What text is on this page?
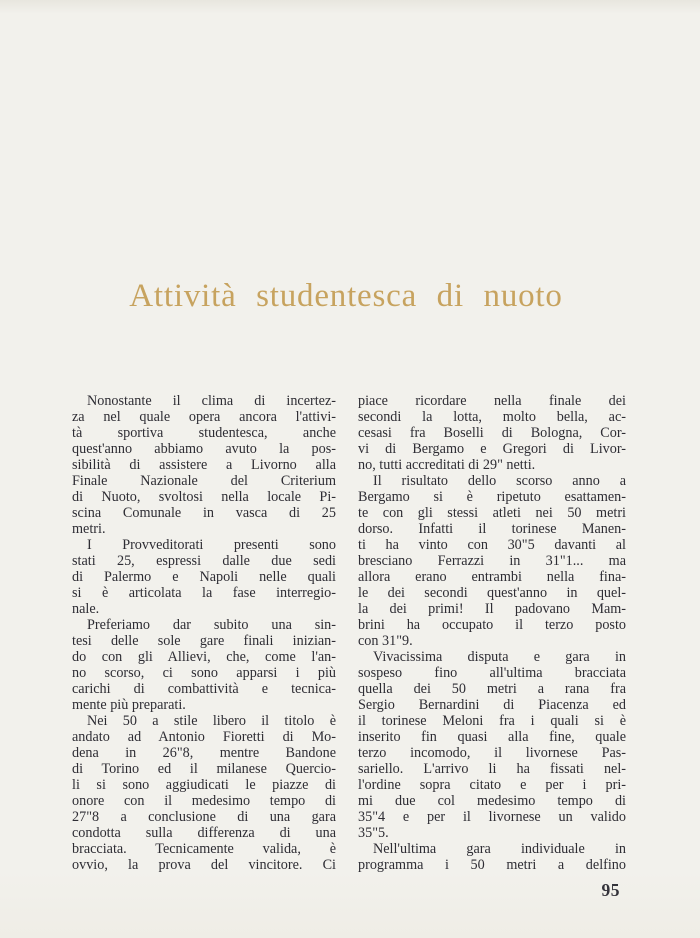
Attività studentesca di nuoto
Nonostante il clima di incertez-
za nel quale opera ancora l'attivi-
tà sportiva studentesca, anche
quest'anno abbiamo avuto la pos-
sibilità di assistere a Livorno alla
Finale Nazionale del Criterium
di Nuoto, svoltosi nella locale Pi-
scina Comunale in vasca di 25
metri.
I Provveditorati presenti sono
stati 25, espressi dalle due sedi
di Palermo e Napoli nelle quali
si è articolata la fase interregio-
nale.
Preferiamo dar subito una sin-
tesi delle sole gare finali inizian-
do con gli Allievi, che, come l'an-
no scorso, ci sono apparsi i più
carichi di combattività e tecnica-
mente più preparati.
Nei 50 a stile libero il titolo è
andato ad Antonio Fioretti di Mo-
dena in 26"8, mentre Bandone
di Torino ed il milanese Quercio-
li si sono aggiudicati le piazze di
onore con il medesimo tempo di
27"8 a conclusione di una gara
condotta sulla differenza di una
bracciata. Tecnicamente valida, è
ovvio, la prova del vincitore. Ci
piace ricordare nella finale dei
secondi la lotta, molto bella, ac-
cesasi fra Boselli di Bologna, Cor-
vi di Bergamo e Gregori di Livor-
no, tutti accreditati di 29" netti.
Il risultato dello scorso anno a
Bergamo si è ripetuto esattamen-
te con gli stessi atleti nei 50 metri
dorso. Infatti il torinese Manen-
ti ha vinto con 30"5 davanti al
bresciano Ferrazzi in 31"1... ma
allora erano entrambi nella fina-
le dei secondi quest'anno in quel-
la dei primi! Il padovano Mam-
brini ha occupato il terzo posto
con 31"9.
Vivacissima disputa e gara in
sospeso fino all'ultima bracciata
quella dei 50 metri a rana fra
Sergio Bernardini di Piacenza ed
il torinese Meloni fra i quali si è
inserito fin quasi alla fine, quale
terzo incomodo, il livornese Pas-
sariello. L'arrivo li ha fissati nel-
l'ordine sopra citato e per i pri-
mi due col medesimo tempo di
35"4 e per il livornese un valido
35"5.
Nell'ultima gara individuale in
programma i 50 metri a delfino
95
